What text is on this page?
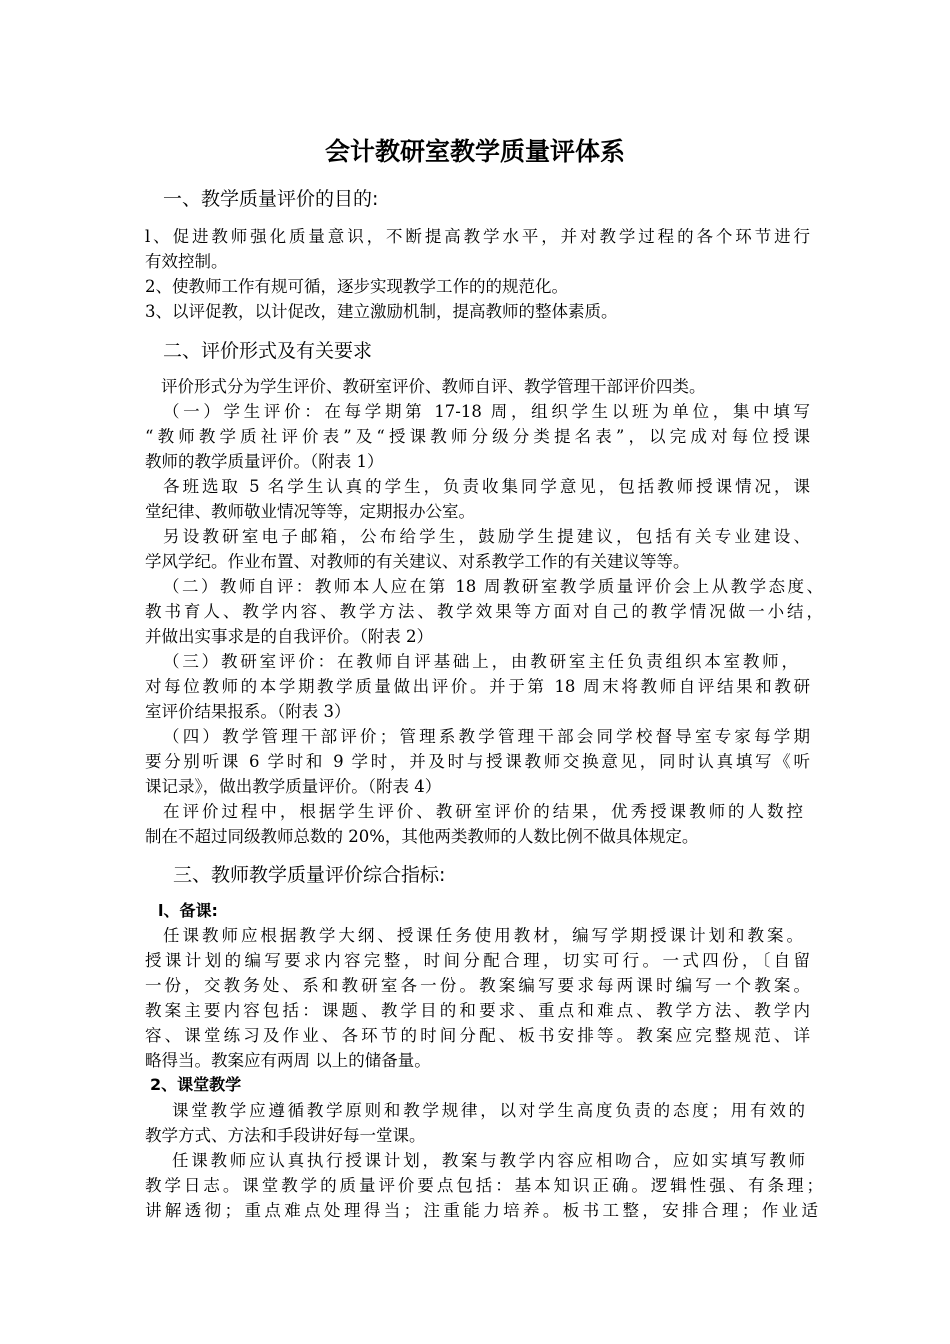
会计教研室教学质量评体系
一、教学质量评价的目的:
l、促进教师强化质量意识，不断提高教学水平，并对教学过程的各个环节进行
有效控制。
2、使教师工作有规可循，逐步实现教学工作的的规范化。
3、以评促教，以计促改，建立激励机制，提高教师的整体素质。
二、评价形式及有关要求
评价形式分为学生评价、教研室评价、教师自评、教学管理干部评价四类。
（一）学生评价：在每学期第 17-18 周，组织学生以班为单位，集中填写
“教师教学质社评价表”及“授课教师分级分类提名表”，以完成对每位授课
教师的教学质量评价。（附表 1）
各班选取 5 名学生认真的学生，负责收集同学意见，包括教师授课情况，课
堂纪律、教师敬业情况等等，定期报办公室。
另设教研室电子邮箱，公布给学生，鼓励学生提建议，包括有关专业建设、
学风学纪。作业布置、对教师的有关建议、对系教学工作的有关建议等等。
（二）教师自评：教师本人应在第 18 周教研室教学质量评价会上从教学态度、
教书育人、教学内容、教学方法、教学效果等方面对自己的教学情况做一小结，
并做出实事求是的自我评价。（附表 2）
（三）教研室评价：在教师自评基础上，由教研室主任负责组织本室教师，
对每位教师的本学期教学质量做出评价。并于第 18 周末将教师自评结果和教研
室评价结果报系。（附表 3）
（四）教学管理干部评价；管理系教学管理干部会同学校督导室专家每学期
要分别听课 6 学时和 9 学时，并及时与授课教师交换意见，同时认真填写《听
课记录》，做出教学质量评价。（附表 4）
在评价过程中，根据学生评价、教研室评价的结果，优秀授课教师的人数控
制在不超过同级教师总数的 20%，其他两类教师的人数比例不做具体规定。
三、教师教学质量评价综合指标:
l、备课:
任课教师应根据教学大纲、授课任务使用教材，编写学期授课计划和教案。
授课计划的编写要求内容完整，时间分配合理，切实可行。一式四份，〔自留
一份，交教务处、系和教研室各一份。教案编写要求每两课时编写一个教案。
教案主要内容包括：课题、教学目的和要求、重点和难点、教学方法、教学内
容、课堂练习及作业、各环节的时间分配、板书安排等。教案应完整规范、详
略得当。教案应有两周 以上的储备量。
2、课堂教学
课堂教学应遵循教学原则和教学规律，以对学生高度负责的态度；用有效的
教学方式、方法和手段讲好每一堂课。
任课教师应认真执行授课计划，教案与教学内容应相吻合，应如实填写教师
教学日志。课堂教学的质量评价要点包括：基本知识正确。逻辑性强、有条理；
讲解透彻；重点难点处理得当；注重能力培养。板书工整，安排合理；作业适
